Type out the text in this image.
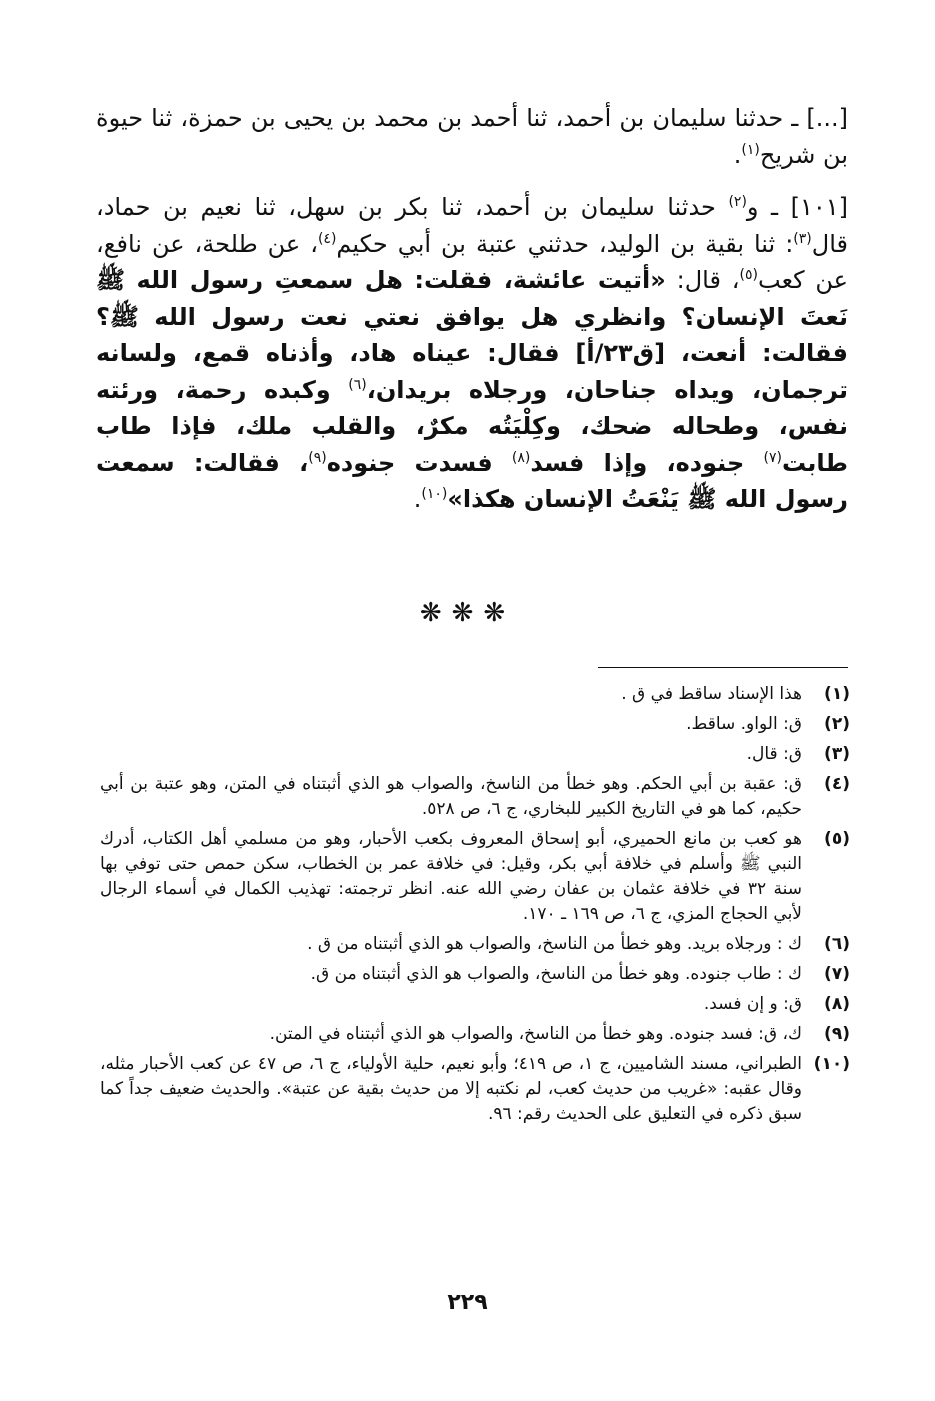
[...] ـ حدثنا سليمان بن أحمد، ثنا أحمد بن محمد بن يحيى بن حمزة، ثنا حيوة بن شريح$^{(١)}$.

[١٠١] ـ و$^{(٢)}$ حدثنا سليمان بن أحمد، ثنا بكر بن سهل، ثنا نعيم بن حماد، قال$^{(٣)}$: ثنا بقية بن الوليد، حدثني عتبة بن أبي حكيم$^{(٤)}$، عن طلحة، عن نافع، عن كعب$^{(٥)}$، قال: «أتيت عائشة، فقلت: هل سمعتِ رسول الله ﷺ نَعتَ الإنسان؟ وانظري هل يوافق نعتي نعت رسول الله ﷺ؟ فقالت: أنعت، [ق٢٣/أ] فقال: عيناه هاد، وأذناه قمع، ولسانه ترجمان، ويداه جناحان، ورجلاه بريدان،$^{(٦)}$ وكبده رحمة، ورئته نفس، وطحاله ضحك، وكِلْيَتُه مكرٌ، والقلب ملك، فإذا طاب طابت$^{(٧)}$ جنوده، وإذا فسد$^{(٨)}$ فسدت جنوده$^{(٩)}$، فقالت: سمعت رسول الله ﷺ يَنْعَتُ الإنسان هكذا»$^{(١٠)}$.

❋❋❋
(١)
هذا الإسناد ساقط في ق .
(٢)
ق: الواو. ساقط.
(٣)
ق: قال.
(٤)
ق: عقبة بن أبي الحكم. وهو خطأ من الناسخ، والصواب هو الذي أثبتناه في المتن، وهو عتبة بن أبي حكيم، كما هو في التاريخ الكبير للبخاري، ج ٦، ص ٥٢٨.
(٥)
هو كعب بن مانع الحميري، أبو إسحاق المعروف بكعب الأحبار، وهو من مسلمي أهل الكتاب، أدرك النبي ﷺ وأسلم في خلافة أبي بكر، وقيل: في خلافة عمر بن الخطاب، سكن حمص حتى توفي بها سنة ٣٢ في خلافة عثمان بن عفان رضي الله عنه. انظر ترجمته: تهذيب الكمال في أسماء الرجال لأبي الحجاج المزي، ج ٦، ص ١٦٩ ـ ١٧٠.
(٦)
ك : ورجلاه بريد. وهو خطأ من الناسخ، والصواب هو الذي أثبتناه من ق .
(٧)
ك : طاب جنوده. وهو خطأ من الناسخ، والصواب هو الذي أثبتناه من ق.
(٨)
ق: و إن فسد.
(٩)
ك، ق: فسد جنوده. وهو خطأ من الناسخ، والصواب هو الذي أثبتناه في المتن.
(١٠)
الطبراني، مسند الشاميين، ج ١، ص ٤١٩؛ وأبو نعيم، حلية الأولياء، ج ٦، ص ٤٧ عن كعب الأحبار مثله، وقال عقبه: «غريب من حديث كعب، لم نكتبه إلا من حديث بقية عن عتبة». والحديث ضعيف جداً كما سبق ذكره في التعليق على الحديث رقم: ٩٦.
٢٢٩
